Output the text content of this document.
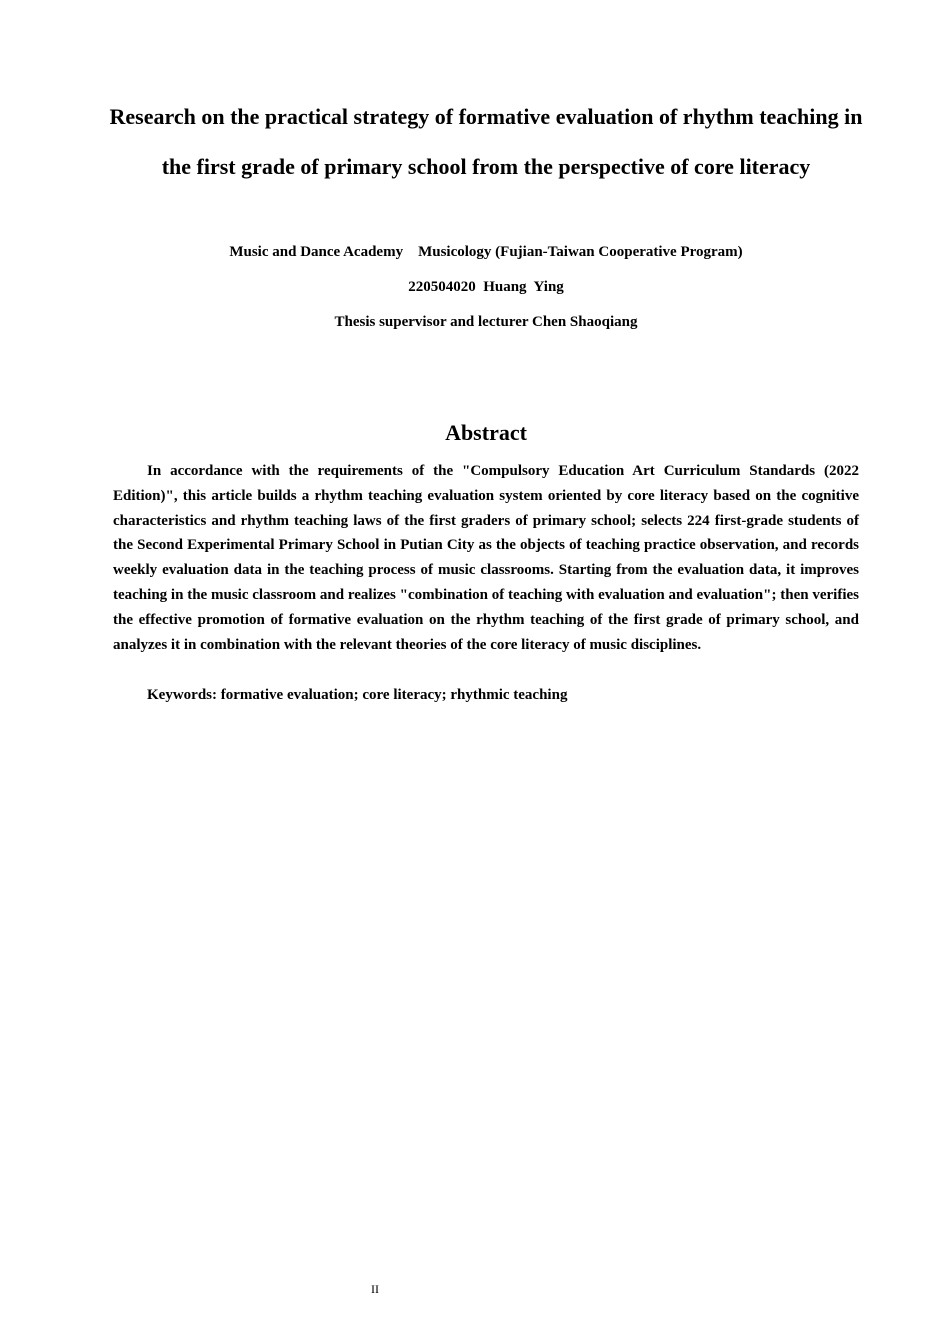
Research on the practical strategy of formative evaluation of rhythm teaching in the first grade of primary school from the perspective of core literacy

Music and Dance Academy    Musicology (Fujian-Taiwan Cooperative Program)

220504020  Huang  Ying

Thesis supervisor and lecturer Chen Shaoqiang

Abstract

In accordance with the requirements of the "Compulsory Education Art Curriculum Standards (2022 Edition)", this article builds a rhythm teaching evaluation system oriented by core literacy based on the cognitive characteristics and rhythm teaching laws of the first graders of primary school; selects 224 first-grade students of the Second Experimental Primary School in Putian City as the objects of teaching practice observation, and records weekly evaluation data in the teaching process of music classrooms. Starting from the evaluation data, it improves teaching in the music classroom and realizes "combination of teaching with evaluation and evaluation"; then verifies the effective promotion of formative evaluation on the rhythm teaching of the first grade of primary school, and analyzes it in combination with the relevant theories of the core literacy of music disciplines.

Keywords: formative evaluation; core literacy; rhythmic teaching

II
